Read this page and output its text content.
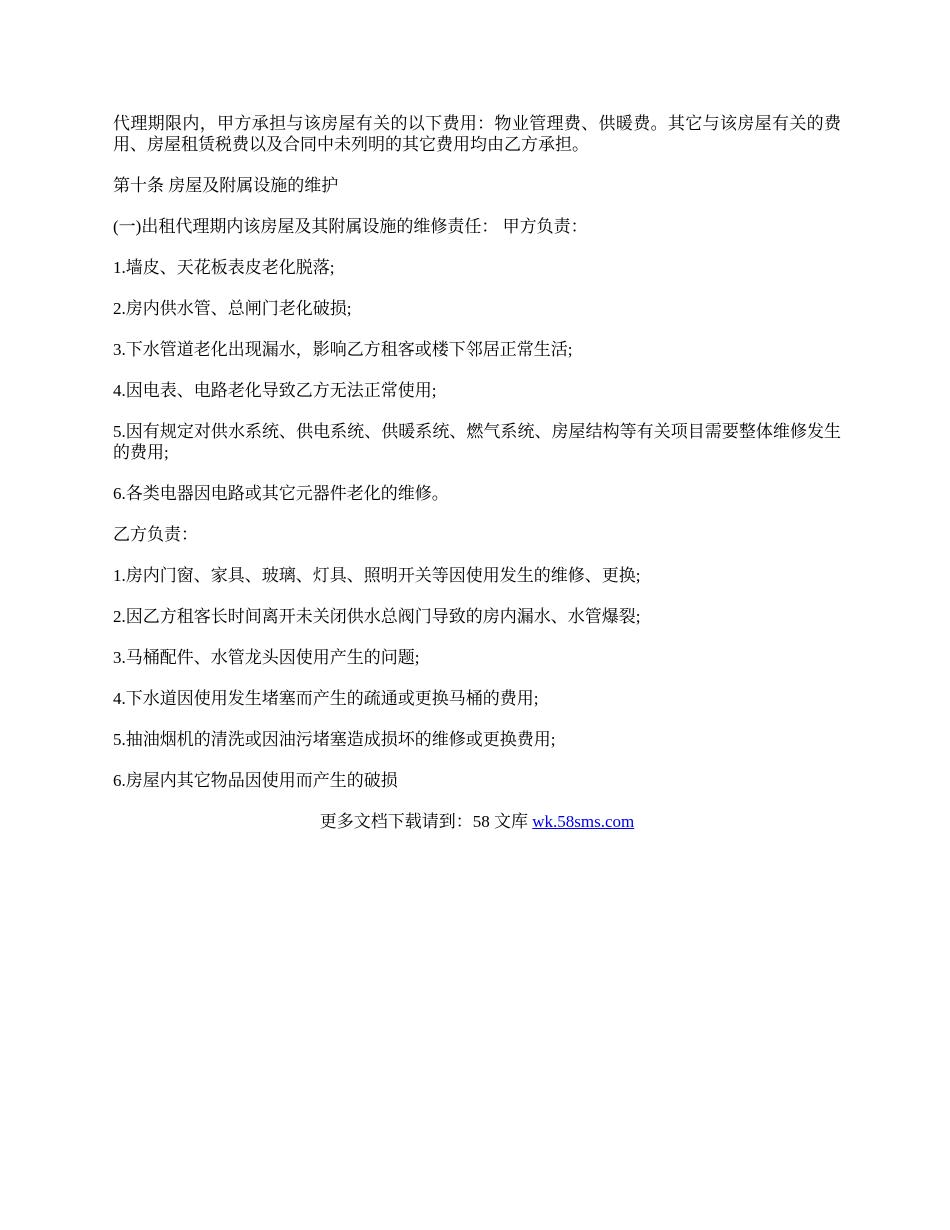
代理期限内，甲方承担与该房屋有关的以下费用：物业管理费、供暖费。其它与该房屋有关的费用、房屋租赁税费以及合同中未列明的其它费用均由乙方承担。

第十条 房屋及附属设施的维护

(一)出租代理期内该房屋及其附属设施的维修责任： 甲方负责：

1.墙皮、天花板表皮老化脱落;

2.房内供水管、总闸门老化破损;

3.下水管道老化出现漏水，影响乙方租客或楼下邻居正常生活;

4.因电表、电路老化导致乙方无法正常使用;

5.因有规定对供水系统、供电系统、供暖系统、燃气系统、房屋结构等有关项目需要整体维修发生的费用;

6.各类电器因电路或其它元器件老化的维修。

乙方负责：

1.房内门窗、家具、玻璃、灯具、照明开关等因使用发生的维修、更换;

2.因乙方租客长时间离开未关闭供水总阀门导致的房内漏水、水管爆裂;

3.马桶配件、水管龙头因使用产生的问题;

4.下水道因使用发生堵塞而产生的疏通或更换马桶的费用;

5.抽油烟机的清洗或因油污堵塞造成损坏的维修或更换费用;

6.房屋内其它物品因使用而产生的破损

更多文档下载请到：58 文库 wk.58sms.com
